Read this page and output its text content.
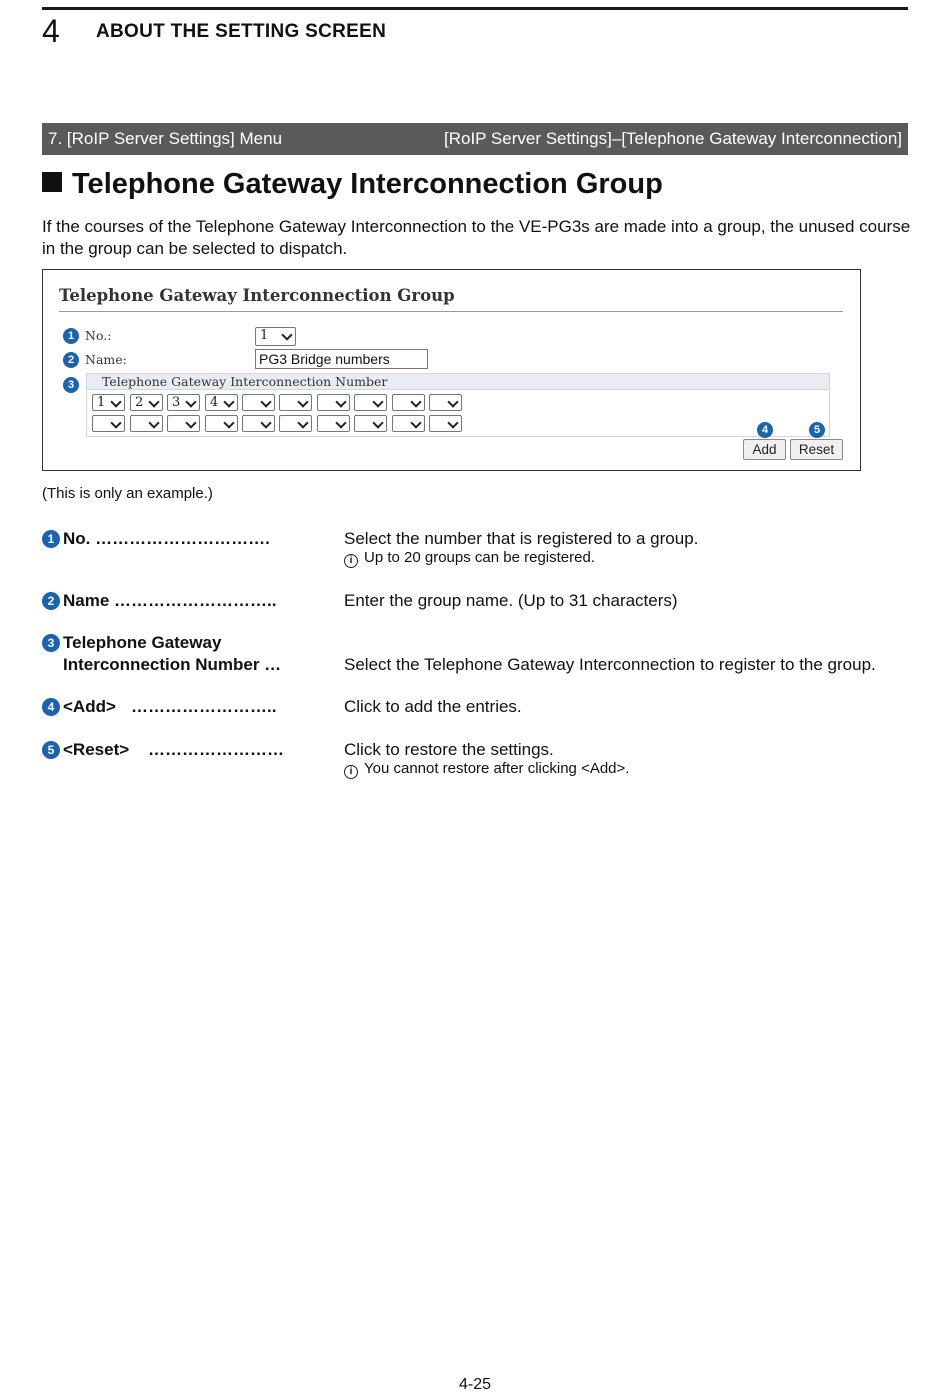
4 ABOUT THE SETTING SCREEN
7. [RoIP Server Settings] Menu	[RoIP Server Settings]–[Telephone Gateway Interconnection]
Telephone Gateway Interconnection Group
If the courses of the Telephone Gateway Interconnection to the VE-PG3s are made into a group, the unused course in the group can be selected to dispatch.
Telephone Gateway Interconnection Group
1
2
3
No.:	1
Name:	PG3 Bridge numbers
Telephone Gateway Interconnection Number
1	2	3	4
4	5
Add	Reset
(This is only an example.)
1 No. ………………………….	Select the number that is registered to a group.
i Up to 20 groups can be registered.
2 Name ………………………..	Enter the group name. (Up to 31 characters)
3 Telephone Gateway
Interconnection Number …	Select the Telephone Gateway Interconnection to register to the group.
4 <Add> ……………………..	Click to add the entries.
5 <Reset> ……………………	Click to restore the settings.
i You cannot restore after clicking <Add>.
4-25
